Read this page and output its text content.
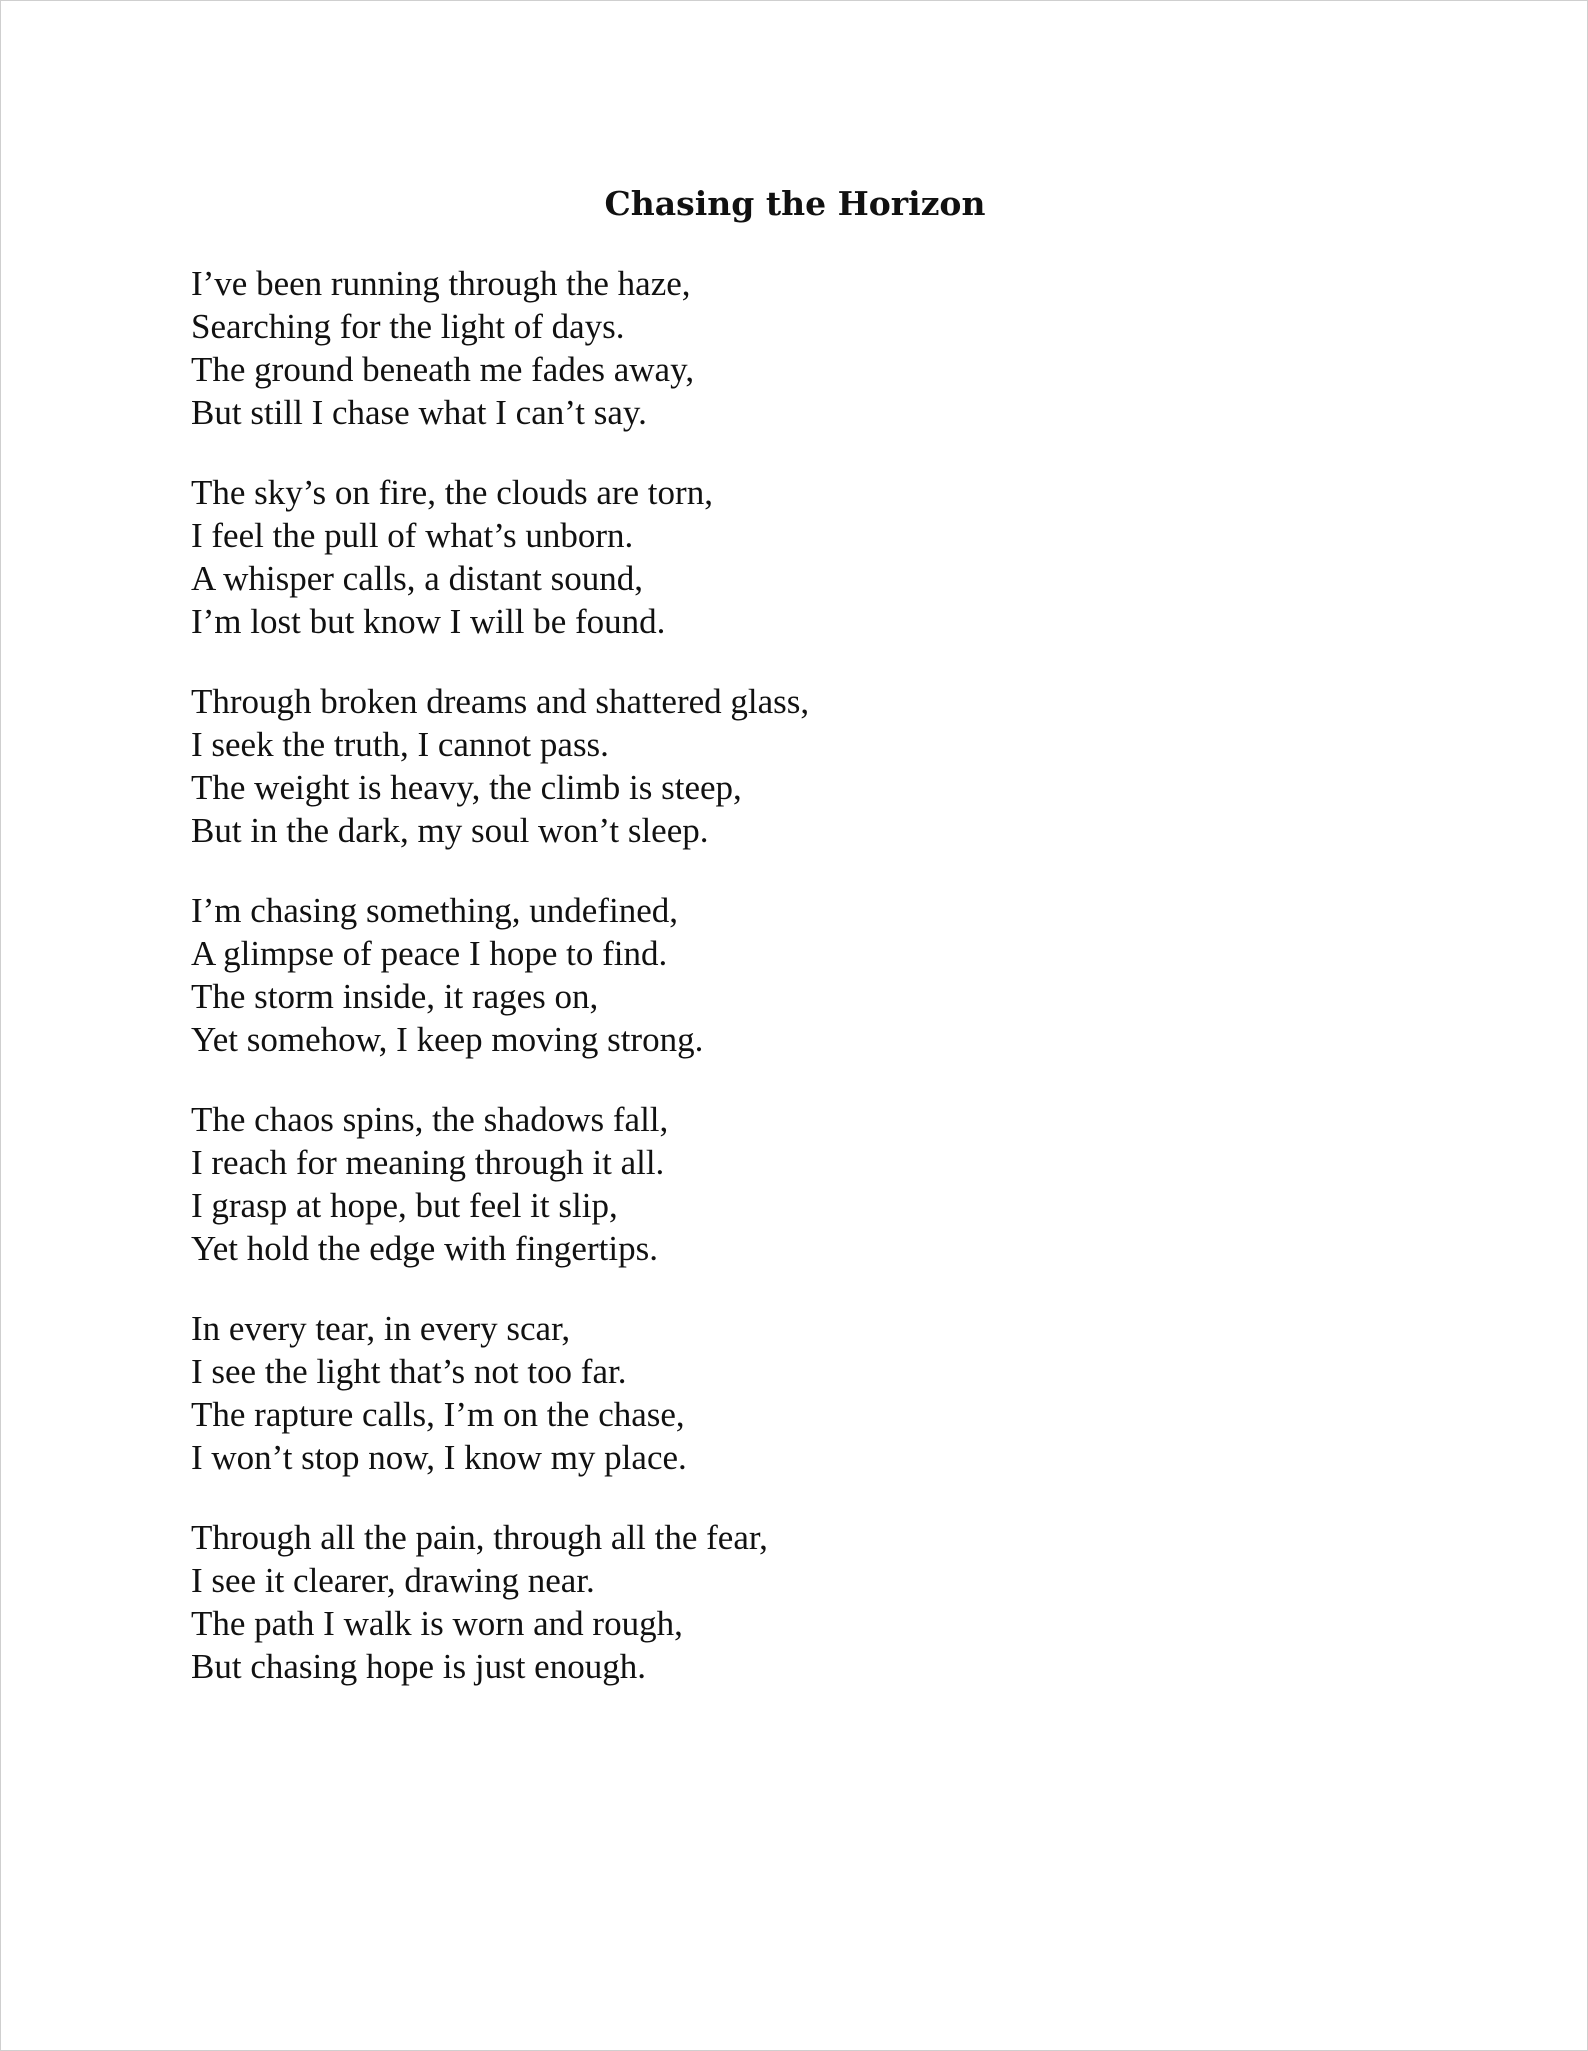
Chasing the Horizon
I’ve been running through the haze,
Searching for the light of days.
The ground beneath me fades away,
But still I chase what I can’t say.
The sky’s on fire, the clouds are torn,
I feel the pull of what’s unborn.
A whisper calls, a distant sound,
I’m lost but know I will be found.
Through broken dreams and shattered glass,
I seek the truth, I cannot pass.
The weight is heavy, the climb is steep,
But in the dark, my soul won’t sleep.
I’m chasing something, undefined,
A glimpse of peace I hope to find.
The storm inside, it rages on,
Yet somehow, I keep moving strong.
The chaos spins, the shadows fall,
I reach for meaning through it all.
I grasp at hope, but feel it slip,
Yet hold the edge with fingertips.
In every tear, in every scar,
I see the light that’s not too far.
The rapture calls, I’m on the chase,
I won’t stop now, I know my place.
Through all the pain, through all the fear,
I see it clearer, drawing near.
The path I walk is worn and rough,
But chasing hope is just enough.
